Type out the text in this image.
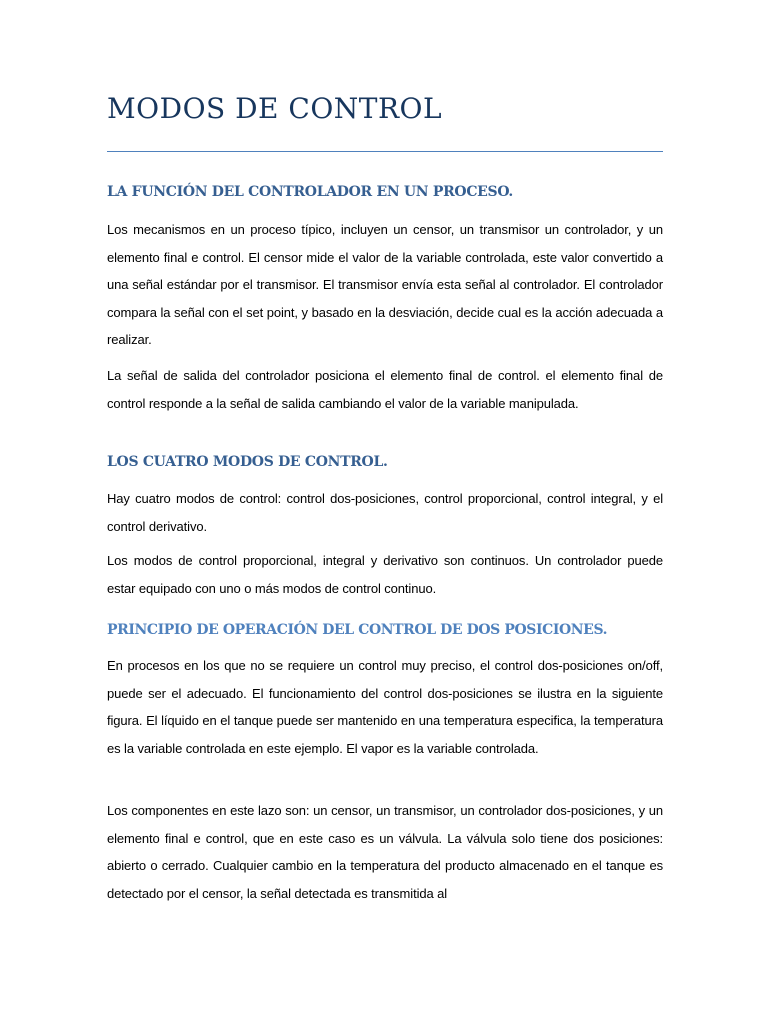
MODOS DE CONTROL
LA FUNCIÓN DEL CONTROLADOR EN UN PROCESO.

Los mecanismos en un proceso típico, incluyen un censor, un transmisor un controlador, y un elemento final e control. El censor mide el valor de la variable controlada, este valor convertido a una señal estándar por el transmisor. El transmisor envía esta señal al controlador. El controlador compara la señal con el set point, y basado en la desviación, decide cual es la acción adecuada a realizar.

La señal de salida del controlador posiciona el elemento final de control. el elemento final de control responde a la señal de salida cambiando el valor de la variable manipulada.

LOS CUATRO MODOS DE CONTROL.

Hay cuatro modos de control: control dos-posiciones, control proporcional, control integral, y el control derivativo.

Los modos de control proporcional, integral y derivativo son continuos. Un controlador puede estar equipado con uno o más modos de control continuo.

PRINCIPIO DE OPERACIÓN DEL CONTROL DE DOS POSICIONES.

En procesos en los que no se requiere un control muy preciso, el control dos-posiciones on/off, puede ser el adecuado. El funcionamiento del control dos-posiciones se ilustra en la siguiente figura. El líquido en el tanque puede ser mantenido en una temperatura especifica, la temperatura es la variable controlada en este ejemplo. El vapor es la variable controlada.

Los componentes en este lazo son: un censor, un transmisor, un controlador dos-posiciones, y un elemento final e control, que en este caso es un válvula. La válvula solo tiene dos posiciones: abierto o cerrado. Cualquier cambio en la temperatura del producto almacenado en el tanque es detectado por el censor, la señal detectada es transmitida al
